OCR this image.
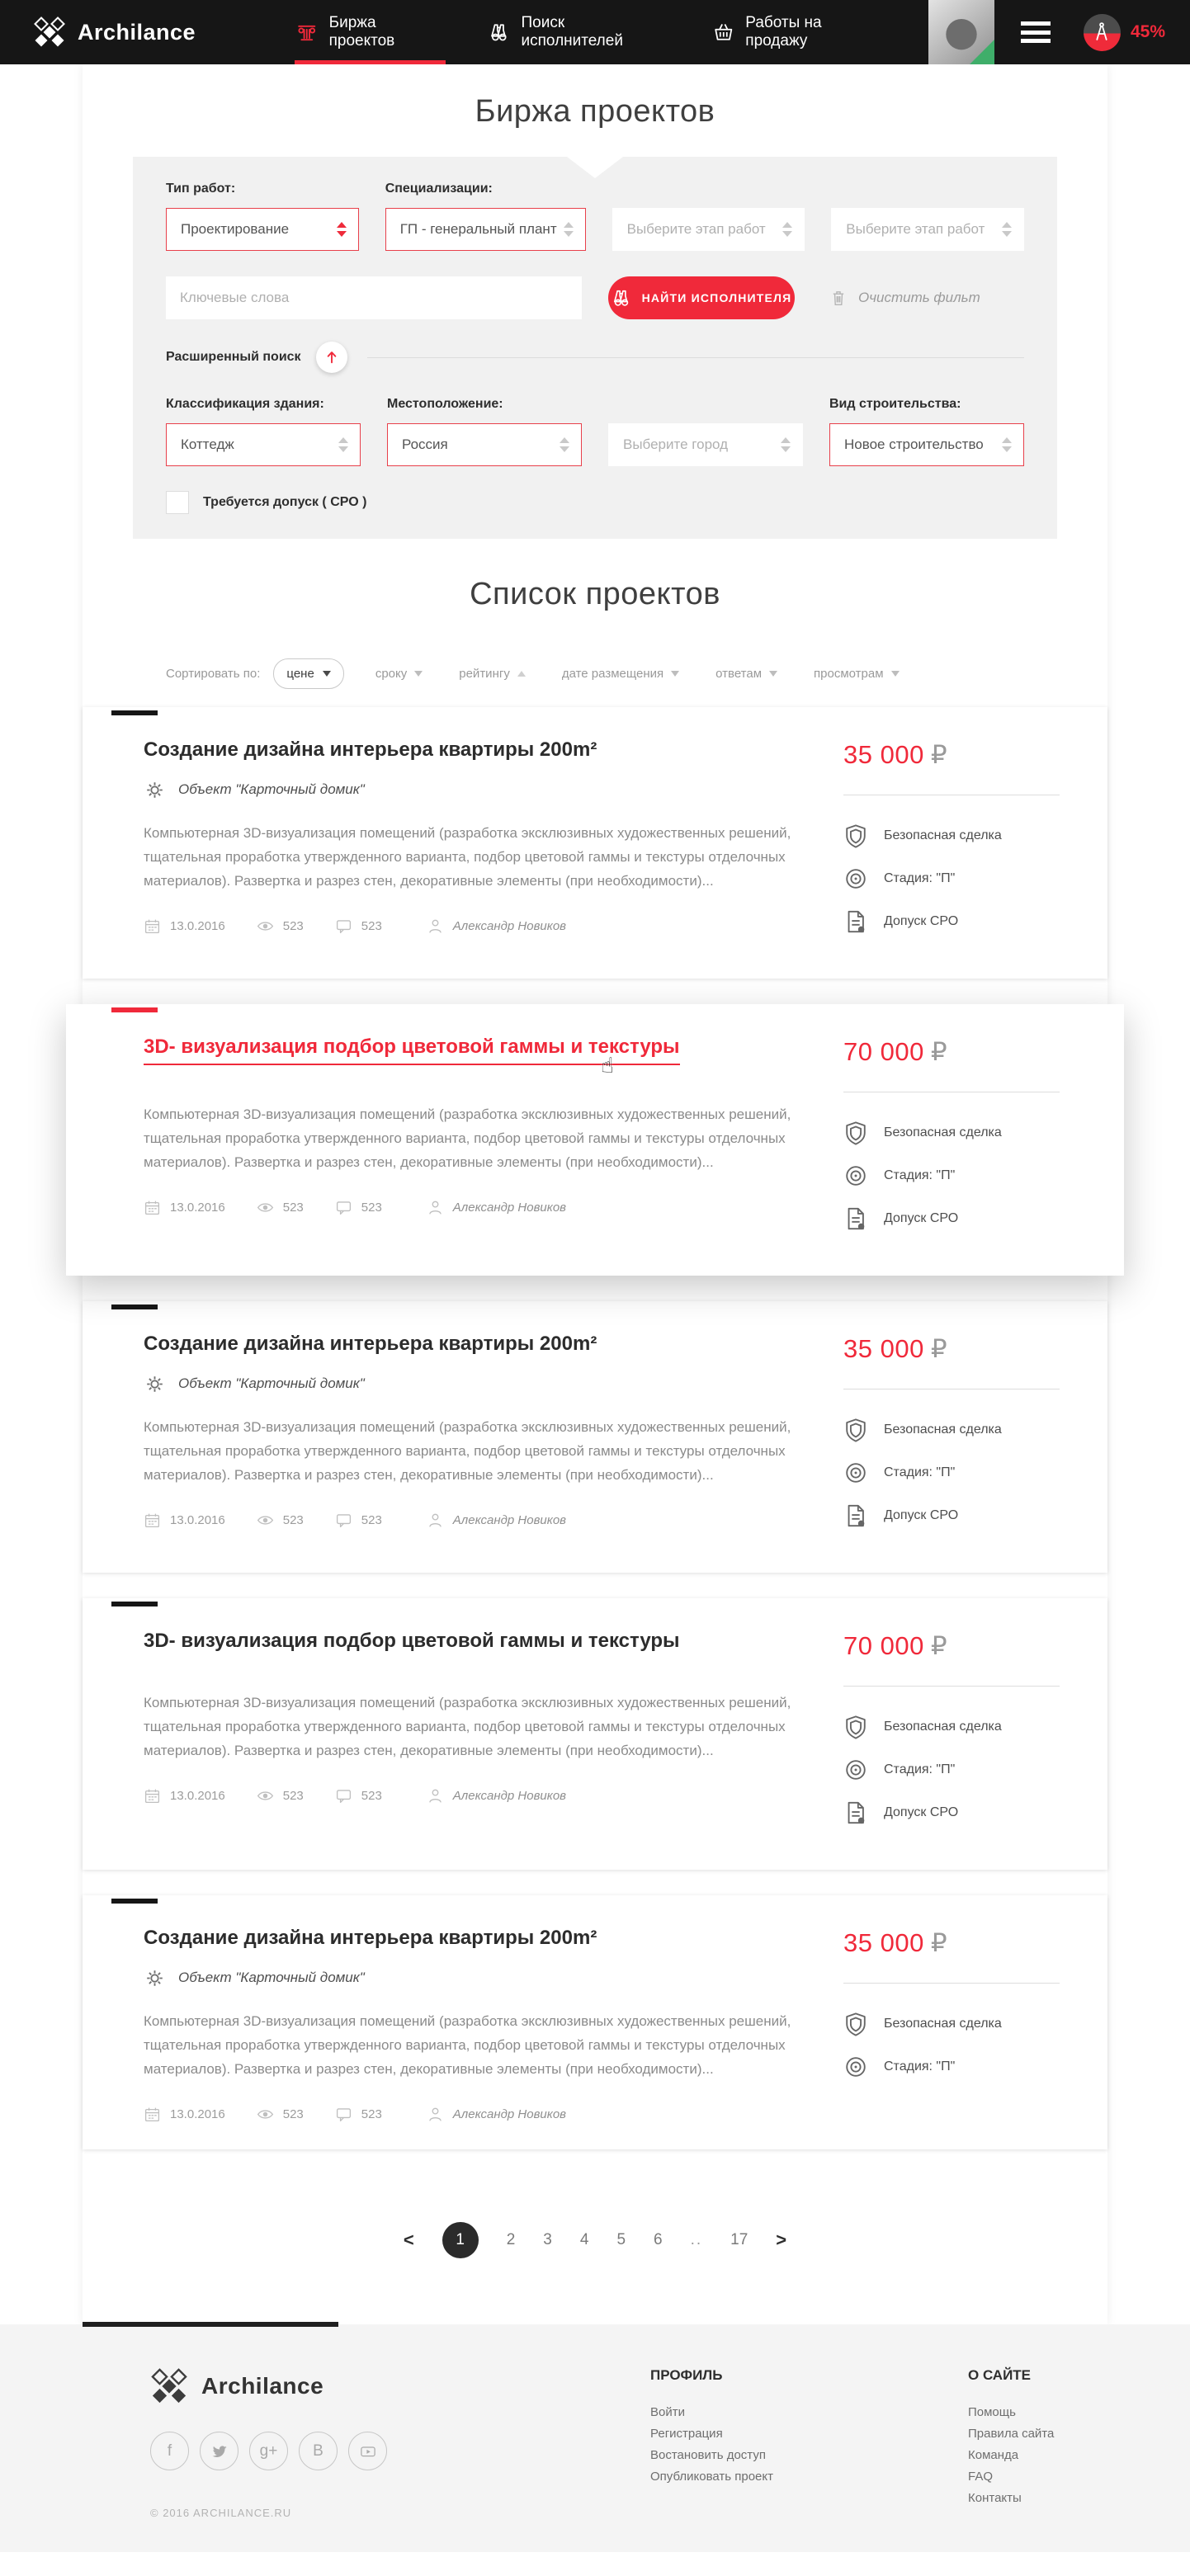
Archilance	Биржа проектов
Поиск исполнителей
Работы на продажу	45%
Биржа проектов
Тип работ:
Проектирование
Специализации:
ГП - генеральный плант	Выберите этап работ	Выберите этап работ
Ключевые слова
НАЙТИ ИСПОЛНИТЕЛЯ	Очистить фильт
Расширенный поиск
Классификация здания:
Коттедж
Местоположение:
Россия	Выберите город
Вид строительства:
Новое строительство
Требуется допуск ( СРО )
Список проектов
Сортировать по: цене	сроку	рейтингу	дате размещения	ответам	просмотрам
Создание дизайна интерьера квартиры 200m²
Объект "Карточный домик"

Компьютерная 3D-визуализация помещений (разработка эксклюзивных художественных решений, тщательная проработка утвержденного варианта, подбор цветовой гаммы и текстуры отделочных материалов). Развертка и разрез стен, декоративные элементы (при необходимости)...

13.0.2016	523	523	Александр Новиков
35 000 ₽
Безопасная сделка
Стадия: "П"
Допуск СРО
3D- визуализация подбор цветовой гаммы и текстуры
☝

Компьютерная 3D-визуализация помещений (разработка эксклюзивных художественных решений, тщательная проработка утвержденного варианта, подбор цветовой гаммы и текстуры отделочных материалов). Развертка и разрез стен, декоративные элементы (при необходимости)...

13.0.2016	523	523	Александр Новиков
70 000 ₽
Безопасная сделка
Стадия: "П"
Допуск СРО
Создание дизайна интерьера квартиры 200m²
Объект "Карточный домик"

Компьютерная 3D-визуализация помещений (разработка эксклюзивных художественных решений, тщательная проработка утвержденного варианта, подбор цветовой гаммы и текстуры отделочных материалов). Развертка и разрез стен, декоративные элементы (при необходимости)...

13.0.2016	523	523	Александр Новиков
35 000 ₽
Безопасная сделка
Стадия: "П"
Допуск СРО
3D- визуализация подбор цветовой гаммы и текстуры

Компьютерная 3D-визуализация помещений (разработка эксклюзивных художественных решений, тщательная проработка утвержденного варианта, подбор цветовой гаммы и текстуры отделочных материалов). Развертка и разрез стен, декоративные элементы (при необходимости)...

13.0.2016	523	523	Александр Новиков
70 000 ₽
Безопасная сделка
Стадия: "П"
Допуск СРО
Создание дизайна интерьера квартиры 200m²
Объект "Карточный домик"

Компьютерная 3D-визуализация помещений (разработка эксклюзивных художественных решений, тщательная проработка утвержденного варианта, подбор цветовой гаммы и текстуры отделочных материалов). Развертка и разрез стен, декоративные элементы (при необходимости)...

13.0.2016	523	523	Александр Новиков
35 000 ₽
Безопасная сделка
Стадия: "П"
<	1	2 3 4 5 6 .. 17 >
Archilance
f	g+ В
© 2016 ARCHILANCE.RU
ПРОФИЛЬ
Войти
Регистрация
Востановить доступ
Опубликовать проект
О САЙТЕ
Помощь
Правила сайта
Команда
FAQ
Контакты
